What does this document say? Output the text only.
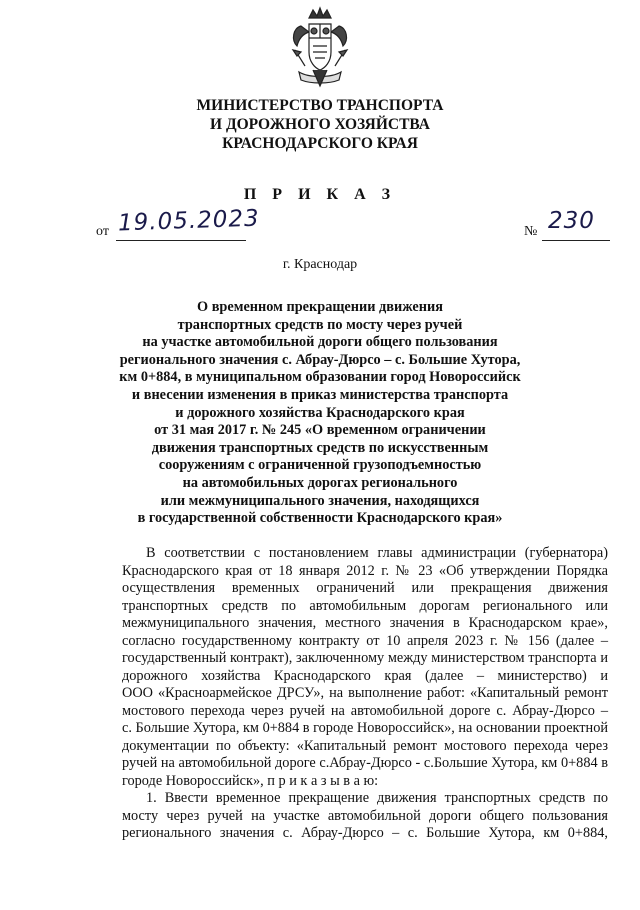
МИНИСТЕРСТВО ТРАНСПОРТА
И ДОРОЖНОГО ХОЗЯЙСТВА
КРАСНОДАРСКОГО КРАЯ
П Р И К А З
от 19.05.2023	№ 230
г. Краснодар
О временном прекращении движения
транспортных средств по мосту через ручей
на участке автомобильной дороги общего пользования
регионального значения с. Абрау-Дюрсо – с. Большие Хутора,
км 0+884, в муниципальном образовании город Новороссийск
и внесении изменения в приказ министерства транспорта
и дорожного хозяйства Краснодарского края
от 31 мая 2017 г. № 245 «О временном ограничении
движения транспортных средств по искусственным
сооружениям с ограниченной грузоподъемностью
на автомобильных дорогах регионального
или межмуниципального значения, находящихся
в государственной собственности Краснодарского края»
В соответствии с постановлением главы администрации (губернатора)
Краснодарского края от 18 января 2012 г. № 23 «Об утверждении Порядка
осуществления временных ограничений или прекращения движения
транспортных средств по автомобильным дорогам регионального или
межмуниципального значения, местного значения в Краснодарском крае»,
согласно государственному контракту от 10 апреля 2023 г. № 156 (далее –
государственный контракт), заключенному между министерством транспорта и
дорожного хозяйства Краснодарского края (далее – министерство) и
ООО «Красноармейское ДРСУ», на выполнение работ: «Капитальный ремонт
мостового перехода через ручей на автомобильной дороге с. Абрау-Дюрсо –
с. Большие Хутора, км 0+884 в городе Новороссийск», на основании проектной
документации по объекту: «Капитальный ремонт мостового перехода через
ручей на автомобильной дороге с.Абрау-Дюрсо - с.Большие Хутора, км 0+884 в
городе Новороссийск», п р и к а з ы в а ю:
1. Ввести временное прекращение движения транспортных средств по
мосту через ручей на участке автомобильной дороги общего пользования
регионального значения с. Абрау-Дюрсо – с. Большие Хутора, км 0+884,
